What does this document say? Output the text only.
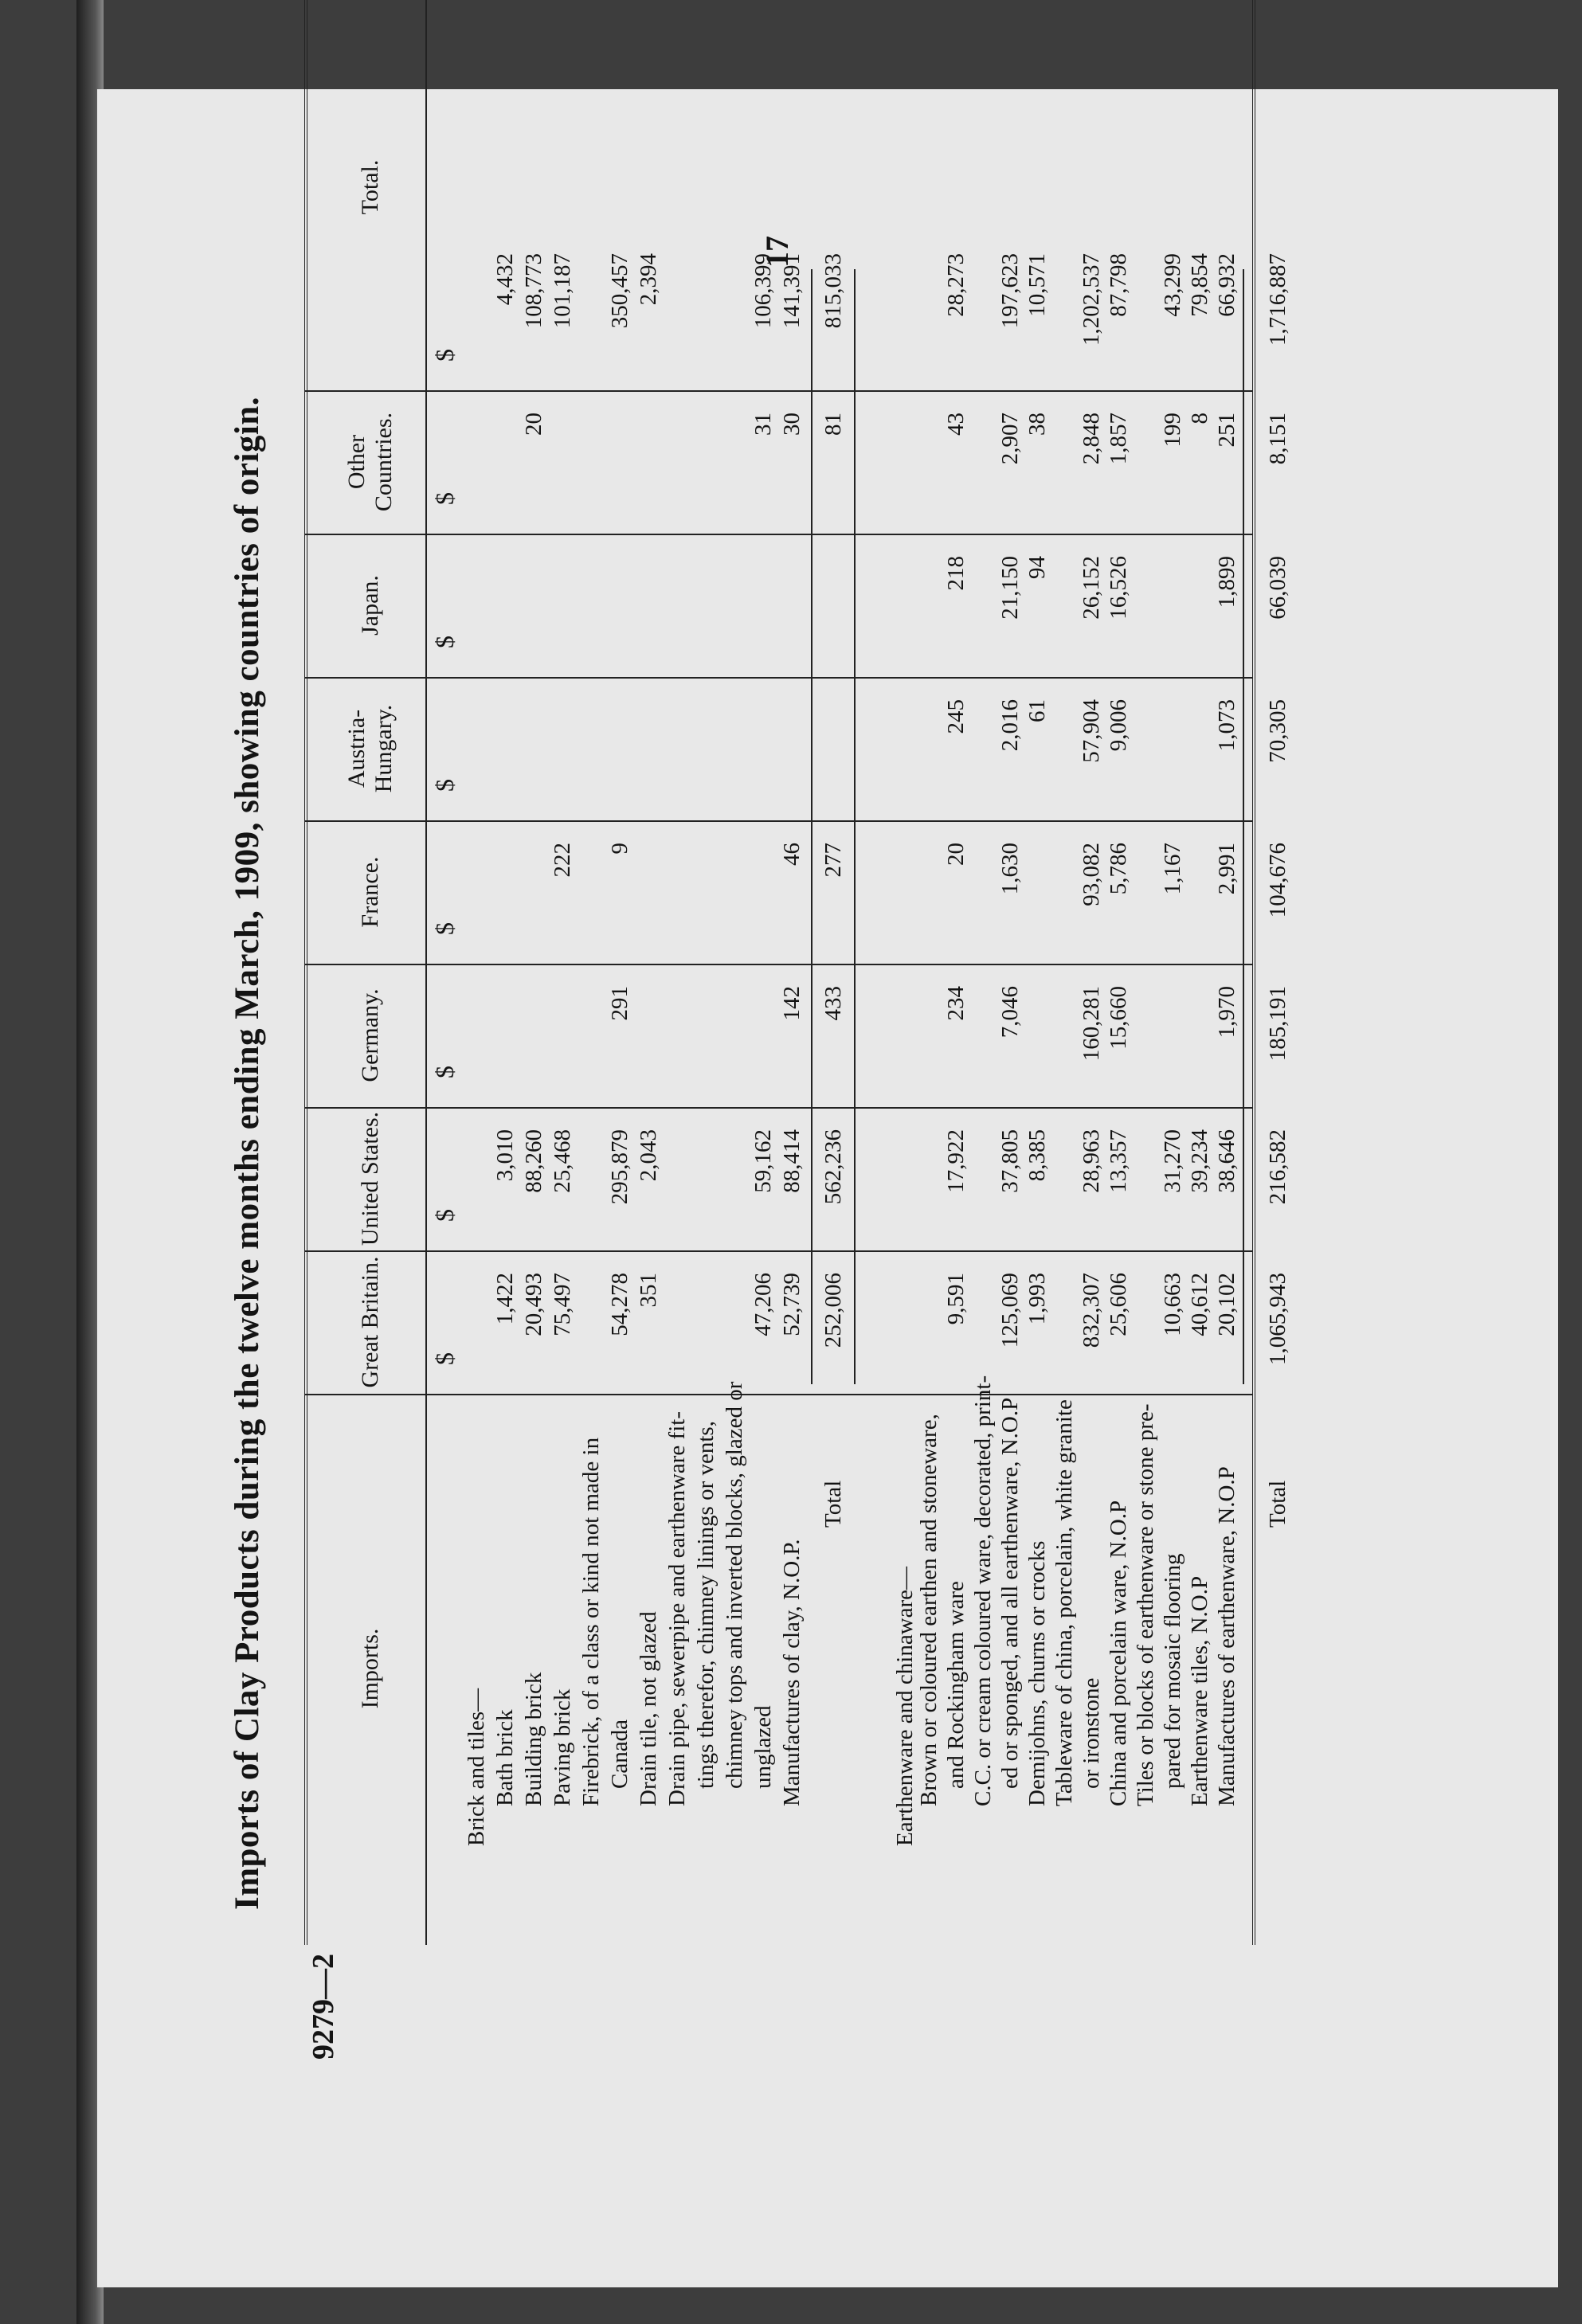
17
Imports of Clay Products during the twelve months ending March, 1909, showing countries of origin.
9279—2
Imports.
Great Britain.
United States.
Germany.
France.
Austria-Hungary.
Japan.
Other Countries.
Total.
$
$
$
$
$
$
$
$
Brick and tiles— Bath brick
1,422
3,010
4,432
Building brick
20,493
88,260
20
108,773
Paving brick
75,497
25,468
222
101,187
Firebrick, of a class or kind not made in Canada
54,278
295,879
291
9
350,457
Drain tile, not glazed
351
2,043
2,394
Drain pipe, sewerpipe and earthenware fit- tings therefor, chimney linings or vents, chimney tops and inverted blocks, glazed or unglazed
47,206
59,162
31
106,399
Manufactures of clay, N.O.P.
52,739
88,414
142
46
30
141,391
Total
252,006
562,236
433
277
81
815,033
Earthenware and chinaware—
Brown or coloured earthen and stoneware, and Rockingham ware
9,591
17,922
234
20
245
218
43
28,273
C.C. or cream coloured ware, decorated, print- ed or sponged, and all earthenware, N.O.P
125,069
37,805
7,046
1,630
2,016
21,150
2,907
197,623
Demijohns, churns or crocks
1,993
8,385
61
94
38
10,571
Tableware of china, porcelain, white granite or ironstone
832,307
28,963
160,281
93,082
57,904
26,152
2,848
1,202,537
China and porcelain ware, N.O.P
25,606
13,357
15,660
5,786
9,006
16,526
1,857
87,798
Tiles or blocks of earthenware or stone pre- pared for mosaic flooring
10,663
31,270
1,167
199
43,299
Earthenware tiles, N.O.P
40,612
39,234
8
79,854
Manufactures of earthenware, N.O.P
20,102
38,646
1,970
2,991
1,073
1,899
251
66,932
Total
1,065,943
216,582
185,191
104,676
70,305
66,039
8,151
1,716,887
